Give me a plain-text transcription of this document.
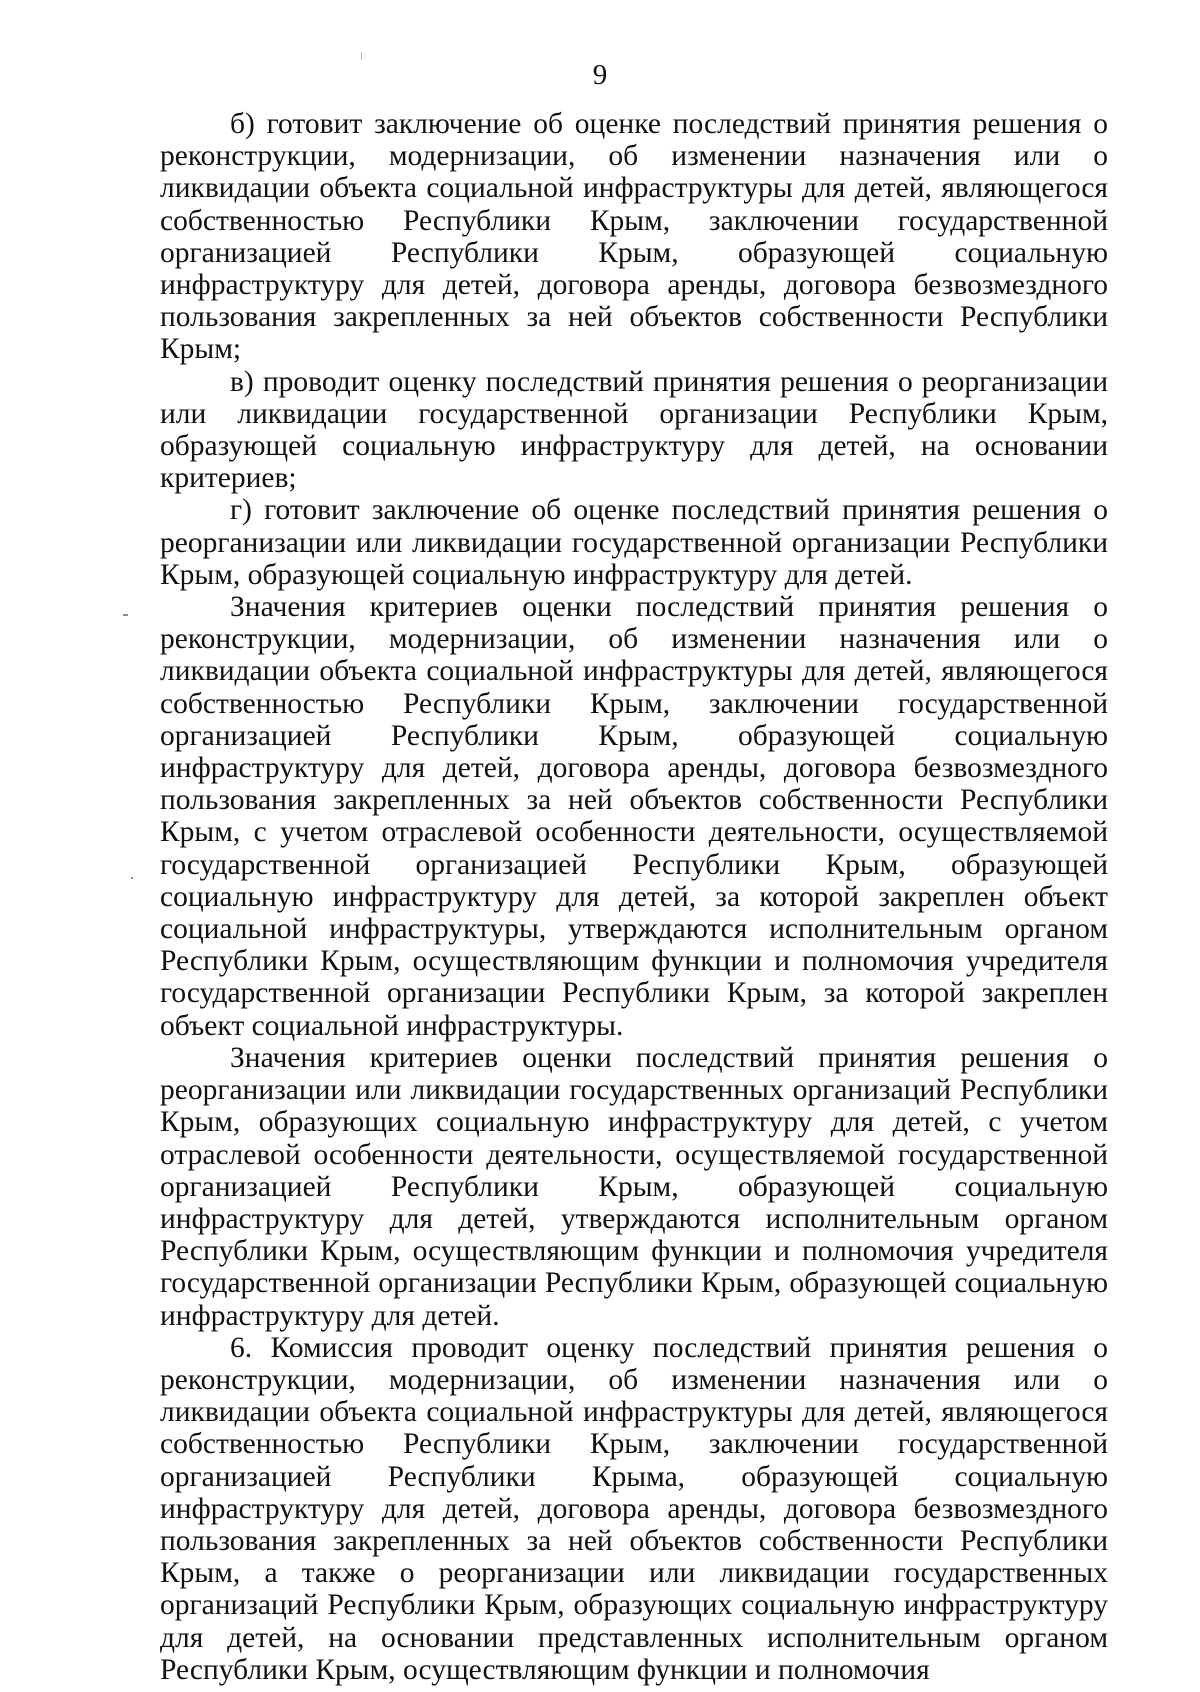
9

б) готовит заключение об оценке последствий принятия решения о реконструкции, модернизации, об изменении назначения или о ликвидации объекта социальной инфраструктуры для детей, являющегося собственностью Республики Крым, заключении государственной организацией Республики Крым, образующей социальную инфраструктуру для детей, договора аренды, договора безвозмездного пользования закрепленных за ней объектов собственности Республики Крым;

в) проводит оценку последствий принятия решения о реорганизации или ликвидации государственной организации Республики Крым, образующей социальную инфраструктуру для детей, на основании критериев;

г) готовит заключение об оценке последствий принятия решения о реорганизации или ликвидации государственной организации Республики Крым, образующей социальную инфраструктуру для детей.

Значения критериев оценки последствий принятия решения о реконструкции, модернизации, об изменении назначения или о ликвидации объекта социальной инфраструктуры для детей, являющегося собственностью Республики Крым, заключении государственной организацией Республики Крым, образующей социальную инфраструктуру для детей, договора аренды, договора безвозмездного пользования закрепленных за ней объектов собственности Республики Крым, с учетом отраслевой особенности деятельности, осуществляемой государственной организацией Республики Крым, образующей социальную инфраструктуру для детей, за которой закреплен объект социальной инфраструктуры, утверждаются исполнительным органом Республики Крым, осуществляющим функции и полномочия учредителя государственной организации Республики Крым, за которой закреплен объект социальной инфраструктуры.

Значения критериев оценки последствий принятия решения о реорганизации или ликвидации государственных организаций Республики Крым, образующих социальную инфраструктуру для детей, с учетом отраслевой особенности деятельности, осуществляемой государственной организацией Республики Крым, образующей социальную инфраструктуру для детей, утверждаются исполнительным органом Республики Крым, осуществляющим функции и полномочия учредителя государственной организации Республики Крым, образующей социальную инфраструктуру для детей.

6. Комиссия проводит оценку последствий принятия решения о реконструкции, модернизации, об изменении назначения или о ликвидации объекта социальной инфраструктуры для детей, являющегося собственностью Республики Крым, заключении государственной организацией Республики Крыма, образующей социальную инфраструктуру для детей, договора аренды, договора безвозмездного пользования закрепленных за ней объектов собственности Республики Крым, а также о реорганизации или ликвидации государственных организаций Республики Крым, образующих социальную инфраструктуру для детей, на основании представленных исполнительным органом Республики Крым, осуществляющим функции и полномочия
